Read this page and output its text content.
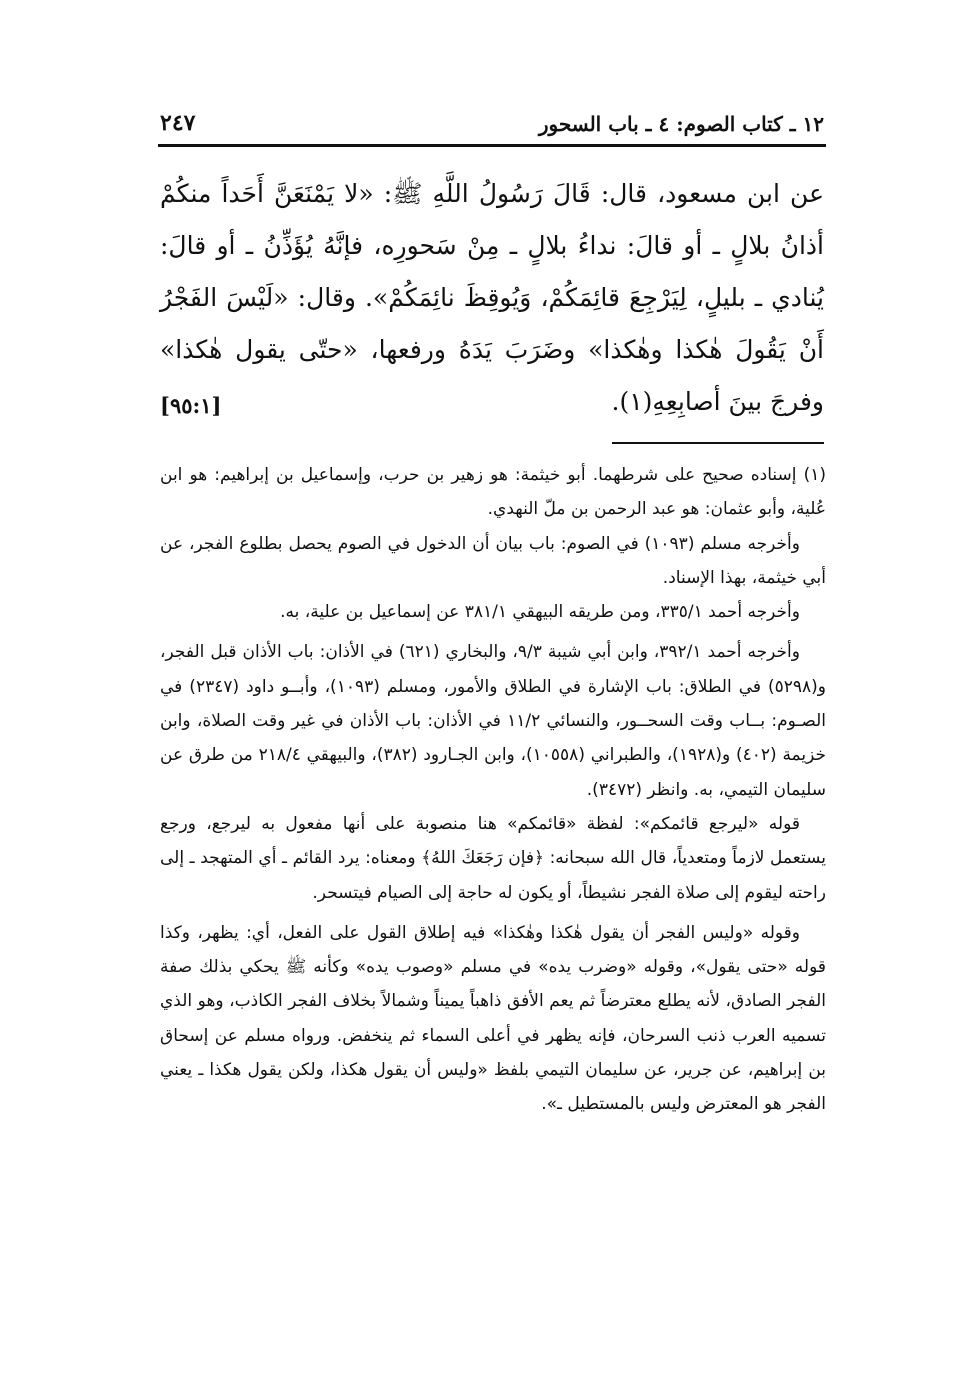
١٢ ـ كتاب الصوم: ٤ ـ باب السحور
٢٤٧

عن ابن مسعود، قال: قَالَ رَسُولُ اللَّهِ ﷺ: «لا يَمْنَعَنَّ أَحَداً منكُمْ أذانُ بلالٍ ـ أو قالَ: نداءُ بلالٍ ـ مِنْ سَحورِه، فإنَّهُ يُؤَذِّنُ ـ أو قالَ: يُنادي ـ بليلٍ، لِيَرْجِعَ قائِمَكُمْ، وَيُوقِظَ نائِمَكُمْ». وقال: «لَيْسَ الفَجْرُ أَنْ يَقُولَ هٰكذا وهٰكذا» وضَرَبَ يَدَهُ ورفعها، «حتّى يقول هٰكذا» وفرجَ بينَ أصابِعِهِ(١).
[٩٥:١]

(١) إسناده صحيح على شرطهما. أبو خيثمة: هو زهير بن حرب، وإسماعيل بن إبراهيم: هو ابن عُلية، وأبو عثمان: هو عبد الرحمن بن ملّ النهدي.

وأخرجه مسلم (١٠٩٣) في الصوم: باب بيان أن الدخول في الصوم يحصل بطلوع الفجر، عن أبي خيثمة، بهذا الإسناد.

وأخرجه أحمد ٣٣٥/١، ومن طريقه البيهقي ٣٨١/١ عن إسماعيل بن علية، به.

وأخرجه أحمد ٣٩٢/١، وابن أبي شيبة ٩/٣، والبخاري (٦٢١) في الأذان: باب الأذان قبل الفجر، و(٥٢٩٨) في الطلاق: باب الإشارة في الطلاق والأمور، ومسلم (١٠٩٣)، وأبــو داود (٢٣٤٧) في الصـوم: بــاب وقت السحــور، والنسائي ١١/٢ في الأذان: باب الأذان في غير وقت الصلاة، وابن خزيمة (٤٠٢) و(١٩٢٨)، والطبراني (١٠٥٥٨)، وابن الجـارود (٣٨٢)، والبيهقي ٢١٨/٤ من طرق عن سليمان التيمي، به. وانظر (٣٤٧٢).

قوله «ليرجع قائمكم»: لفظة «قائمكم» هنا منصوبة على أنها مفعول به ليرجع، ورجع يستعمل لازماً ومتعدياً، قال الله سبحانه: ﴿فإن رَجَعَكَ اللهُ﴾ ومعناه: يرد القائم ـ أي المتهجد ـ إلى راحته ليقوم إلى صلاة الفجر نشيطاً، أو يكون له حاجة إلى الصيام فيتسحر.

وقوله «وليس الفجر أن يقول هٰكذا وهٰكذا» فيه إطلاق القول على الفعل، أي: يظهر، وكذا قوله «حتى يقول»، وقوله «وضرب يده» في مسلم «وصوب يده» وكأنه ﷺ يحكي بذلك صفة الفجر الصادق، لأنه يطلع معترضاً ثم يعم الأفق ذاهباً يميناً وشمالاً بخلاف الفجر الكاذب، وهو الذي تسميه العرب ذنب السرحان، فإنه يظهر في أعلى السماء ثم ينخفض. ورواه مسلم عن إسحاق بن إبراهيم، عن جرير، عن سليمان التيمي بلفظ «وليس أن يقول هكذا، ولكن يقول هكذا ـ يعني الفجر هو المعترض وليس بالمستطيل ـ».
